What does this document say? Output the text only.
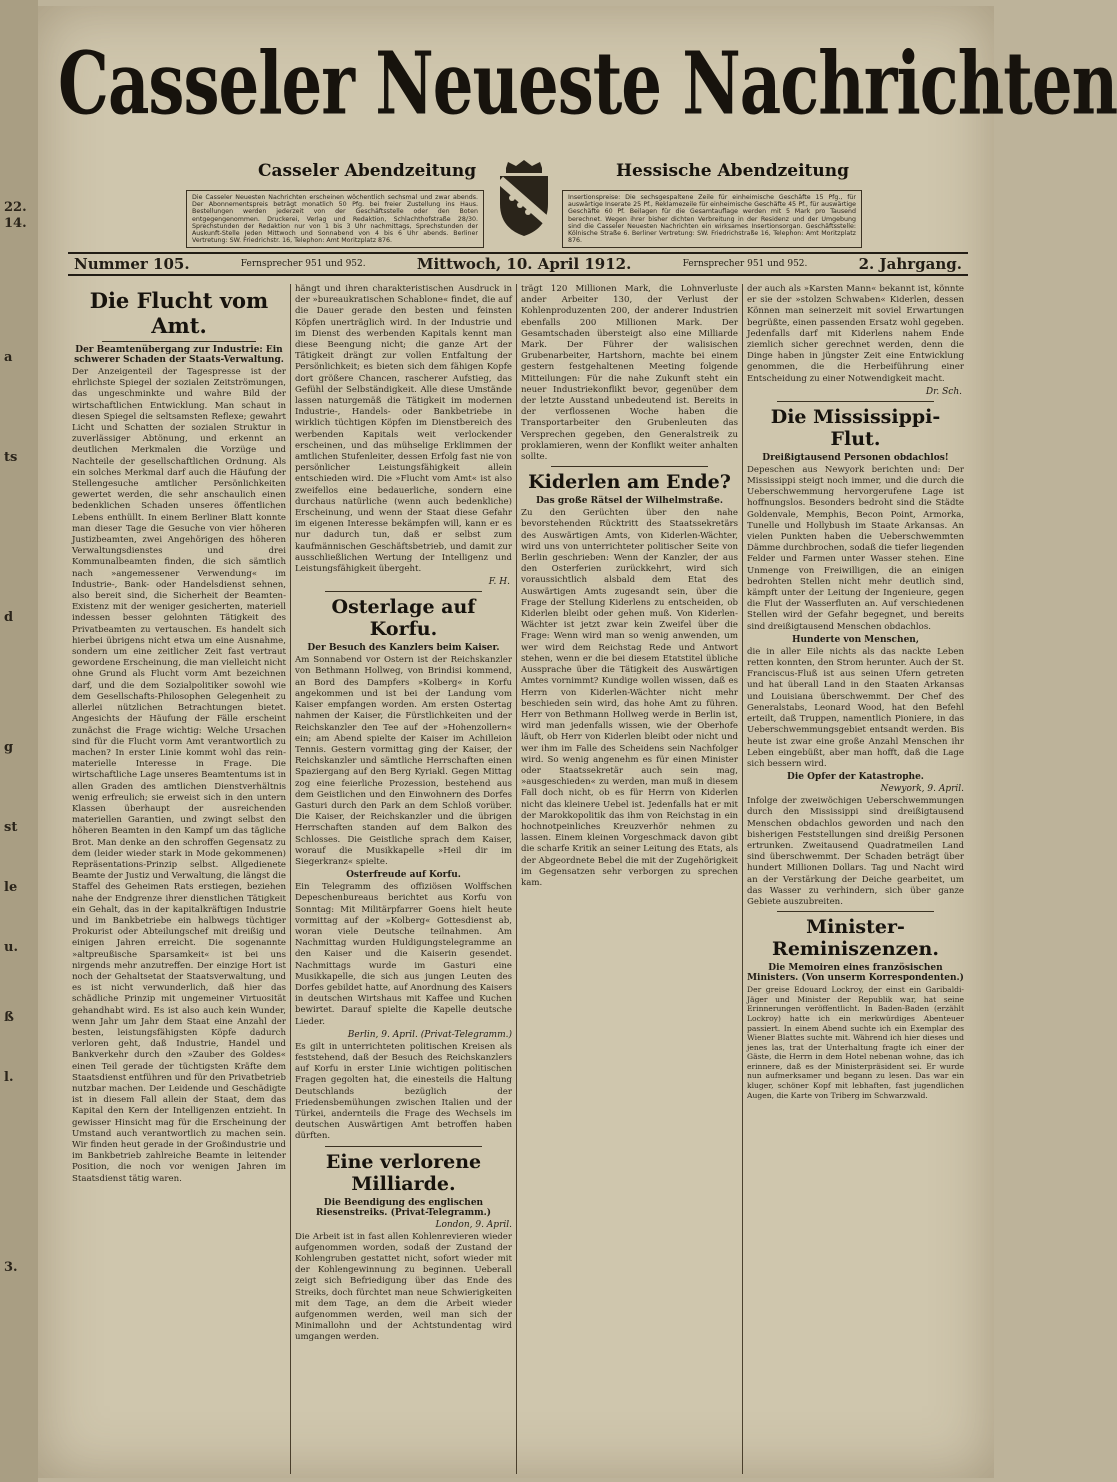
22.
14.
a
ts
d
g
st
le
u.
ß
l.
3.
Casseler Neueste Nachrichten
Casseler Abendzeitung	Hessische Abendzeitung
Die Casseler Neuesten Nachrichten erscheinen wöchentlich sechsmal und zwar abends. Der Abonnementspreis beträgt monatlich 50 Pfg. bei freier Zustellung ins Haus. Bestellungen werden jederzeit von der Geschäftsstelle oder den Boten entgegengenommen. Druckerei, Verlag und Redaktion, Schlachthofstraße 28/30. Sprechstunden der Redaktion nur von 1 bis 3 Uhr nachmittags, Sprechstunden der Auskunft-Stelle Jeden Mittwoch und Sonnabend von 4 bis 6 Uhr abends. Berliner Vertretung: SW. Friedrichstr. 16, Telephon: Amt Moritzplatz 876.
Insertionspreise: Die sechsgespaltene Zeile für einheimische Geschäfte 15 Pfg., für auswärtige Inserate 25 Pf., Reklamezeile für einheimische Geschäfte 45 Pf., für auswärtige Geschäfte 60 Pf. Beilagen für die Gesamtauflage werden mit 5 Mark pro Tausend berechnet. Wegen ihrer bisher dichten Verbreitung in der Residenz und der Umgebung sind die Casseler Neuesten Nachrichten ein wirksames Insertionsorgan. Geschäftsstelle: Kölnische Straße 6. Berliner Vertretung: SW. Friedrichstraße 16, Telephon: Amt Moritzplatz 876.
Nummer 105.	Fernsprecher 951 und 952.	Mittwoch, 10. April 1912.	Fernsprecher 951 und 952.	2. Jahrgang.
Die Flucht vom Amt.
Der Beamtenübergang zur Industrie: Ein schwerer Schaden der Staats-Verwaltung.
Der Anzeigenteil der Tagespresse ist der ehrlichste Spiegel der sozialen Zeitströmungen, das ungeschminkte und wahre Bild der wirtschaftlichen Entwicklung. Man schaut in diesen Spiegel die seltsamsten Reflexe; gewahrt Licht und Schatten der sozialen Struktur in zuverlässiger Abtönung, und erkennt an deutlichen Merkmalen die Vorzüge und Nachteile der gesellschaftlichen Ordnung. Als ein solches Merkmal darf auch die Häufung der Stellengesuche amtlicher Persönlichkeiten gewertet werden, die sehr anschaulich einen bedenklichen Schaden unseres öffentlichen Lebens enthüllt. In einem Berliner Blatt konnte man dieser Tage die Gesuche von vier höheren Justizbeamten, zwei Angehörigen des höheren Verwaltungsdienstes und drei Kommunalbeamten finden, die sich sämtlich nach »angemessener Verwendung« im Industrie-, Bank- oder Handelsdienst sehnen, also bereit sind, die Sicherheit der Beamten-Existenz mit der weniger gesicherten, materiell indessen besser gelohnten Tätigkeit des Privatbeamten zu vertauschen. Es handelt sich hierbei übrigens nicht etwa um eine Ausnahme, sondern um eine zeitlicher Zeit fast vertraut gewordene Erscheinung, die man vielleicht nicht ohne Grund als Flucht vorm Amt bezeichnen darf, und die dem Sozialpolitiker sowohl wie dem Gesellschafts-Philosophen Gelegenheit zu allerlei nützlichen Betrachtungen bietet. Angesichts der Häufung der Fälle erscheint zunächst die Frage wichtig: Welche Ursachen sind für die Flucht vorm Amt verantwortlich zu machen? In erster Linie kommt wohl das rein-materielle Interesse in Frage. Die wirtschaftliche Lage unseres Beamtentums ist in allen Graden des amtlichen Dienstverhältnis wenig erfreulich; sie erweist sich in den untern Klassen überhaupt der ausreichenden materiellen Garantien, und zwingt selbst den höheren Beamten in den Kampf um das tägliche Brot. Man denke an den schroffen Gegensatz zu dem (leider wieder stark in Mode gekommenen) Repräsentations-Prinzip selbst. Allgedienete Beamte der Justiz und Verwaltung, die längst die Staffel des Geheimen Rats erstiegen, beziehen nahe der Endgrenze ihrer dienstlichen Tätigkeit ein Gehalt, das in der kapitalkräftigen Industrie und im Bankbetriebe ein halbwegs tüchtiger Prokurist oder Abteilungschef mit dreißig und einigen Jahren erreicht. Die sogenannte »altpreußische Sparsamkeit« ist bei uns nirgends mehr anzutreffen. Der einzige Hort ist noch der Gehaltsetat der Staatsverwaltung, und es ist nicht verwunderlich, daß hier das schädliche Prinzip mit ungemeiner Virtuosität gehandhabt wird. Es ist also auch kein Wunder, wenn Jahr um Jahr dem Staat eine Anzahl der besten, leistungsfähigsten Köpfe dadurch verloren geht, daß Industrie, Handel und Bankverkehr durch den »Zauber des Goldes« einen Teil gerade der tüchtigsten Kräfte dem Staatsdienst entführen und für den Privatbetrieb nutzbar machen. Der Leidende und Geschädigte ist in diesem Fall allein der Staat, dem das Kapital den Kern der Intelligenzen entzieht. In gewisser Hinsicht mag für die Erscheinung der Umstand auch verantwortlich zu machen sein. Wir finden heut gerade in der Großindustrie und im Bankbetrieb zahlreiche Beamte in leitender Position, die noch vor wenigen Jahren im Staatsdienst tätig waren.
hängt und ihren charakteristischen Ausdruck in der »bureaukratischen Schablone« findet, die auf die Dauer gerade den besten und feinsten Köpfen unerträglich wird. In der Industrie und im Dienst des werbenden Kapitals kennt man diese Beengung nicht; die ganze Art der Tätigkeit drängt zur vollen Entfaltung der Persönlichkeit; es bieten sich dem fähigen Kopfe dort größere Chancen, rascherer Aufstieg, das Gefühl der Selbständigkeit. Alle diese Umstände lassen naturgemäß die Tätigkeit im modernen Industrie-, Handels- oder Bankbetriebe in wirklich tüchtigen Köpfen im Dienstbereich des werbenden Kapitals weit verlockender erscheinen, und das mühselige Erklimmen der amtlichen Stufenleiter, dessen Erfolg fast nie von persönlicher Leistungsfähigkeit allein entschieden wird. Die »Flucht vom Amt« ist also zweifellos eine bedauerliche, sondern eine durchaus natürliche (wenn auch bedenkliche) Erscheinung, und wenn der Staat diese Gefahr im eigenen Interesse bekämpfen will, kann er es nur dadurch tun, daß er selbst zum kaufmännischen Geschäftsbetrieb, und damit zur ausschließlichen Wertung der Intelligenz und Leistungsfähigkeit übergeht.
F. H.
Osterlage auf Korfu.
Der Besuch des Kanzlers beim Kaiser.
Am Sonnabend vor Ostern ist der Reichskanzler von Bethmann Hollweg, von Brindisi kommend, an Bord des Dampfers »Kolberg« in Korfu angekommen und ist bei der Landung vom Kaiser empfangen worden. Am ersten Ostertag nahmen der Kaiser, die Fürstlichkeiten und der Reichskanzler den Tee auf der »Hohenzollern« ein; am Abend spielte der Kaiser im Achilleion Tennis. Gestern vormittag ging der Kaiser, der Reichskanzler und sämtliche Herrschaften einen Spaziergang auf den Berg Kyriakl. Gegen Mittag zog eine feierliche Prozession, bestehend aus dem Geistlichen und den Einwohnern des Dorfes Gasturi durch den Park an dem Schloß vorüber. Die Kaiser, der Reichskanzler und die übrigen Herrschaften standen auf dem Balkon des Schlosses. Die Geistliche sprach dem Kaiser, worauf die Musikkapelle »Heil dir im Siegerkranz« spielte.
Osterfreude auf Korfu.
Ein Telegramm des offiziösen Wolffschen Depeschenbureaus berichtet aus Korfu von Sonntag: Mit Militärpfarrer Goens hielt heute vormittag auf der »Kolberg« Gottesdienst ab, woran viele Deutsche teilnahmen. Am Nachmittag wurden Huldigungstelegramme an den Kaiser und die Kaiserin gesendet. Nachmittags wurde im Gasturi eine Musikkapelle, die sich aus jungen Leuten des Dorfes gebildet hatte, auf Anordnung des Kaisers in deutschen Wirtshaus mit Kaffee und Kuchen bewirtet. Darauf spielte die Kapelle deutsche Lieder.
Berlin, 9. April. (Privat-Telegramm.)
Es gilt in unterrichteten politischen Kreisen als feststehend, daß der Besuch des Reichskanzlers auf Korfu in erster Linie wichtigen politischen Fragen gegolten hat, die einesteils die Haltung Deutschlands bezüglich der Friedensbemühungen zwischen Italien und der Türkei, andernteils die Frage des Wechsels im deutschen Auswärtigen Amt betroffen haben dürften.
Eine verlorene Milliarde.
Die Beendigung des englischen Riesenstreiks. (Privat-Telegramm.)
London, 9. April.
Die Arbeit ist in fast allen Kohlenrevieren wieder aufgenommen worden, sodaß der Zustand der Kohlengruben gestattet nicht, sofort wieder mit der Kohlengewinnung zu beginnen. Ueberall zeigt sich Befriedigung über das Ende des Streiks, doch fürchtet man neue Schwierigkeiten mit dem Tage, an dem die Arbeit wieder aufgenommen werden, weil man sich der Minimallohn und der Achtstundentag wird umgangen werden.
trägt 120 Millionen Mark, die Lohnverluste ander Arbeiter 130, der Verlust der Kohlenproduzenten 200, der anderer Industrien ebenfalls 200 Millionen Mark. Der Gesamtschaden übersteigt also eine Milliarde Mark. Der Führer der walisischen Grubenarbeiter, Hartshorn, machte bei einem gestern festgehaltenen Meeting folgende Mitteilungen: Für die nahe Zukunft steht ein neuer Industriekonflikt bevor, gegenüber dem der letzte Ausstand unbedeutend ist. Bereits in der verflossenen Woche haben die Transportarbeiter den Grubenleuten das Versprechen gegeben, den Generalstreik zu proklamieren, wenn der Konflikt weiter anhalten sollte.
Kiderlen am Ende?
Das große Rätsel der Wilhelmstraße.
Zu den Gerüchten über den nahe bevorstehenden Rücktritt des Staatssekretärs des Auswärtigen Amts, von Kiderlen-Wächter, wird uns von unterrichteter politischer Seite von Berlin geschrieben: Wenn der Kanzler, der aus den Osterferien zurückkehrt, wird sich voraussichtlich alsbald dem Etat des Auswärtigen Amts zugesandt sein, über die Frage der Stellung Kiderlens zu entscheiden, ob Kiderlen bleibt oder gehen muß. Von Kiderlen-Wächter ist jetzt zwar kein Zweifel über die Frage: Wenn wird man so wenig anwenden, um wer wird dem Reichstag Rede und Antwort stehen, wenn er die bei diesem Etatstitel übliche Aussprache über die Tätigkeit des Auswärtigen Amtes vornimmt? Kundige wollen wissen, daß es Herrn von Kiderlen-Wächter nicht mehr beschieden sein wird, das hohe Amt zu führen. Herr von Bethmann Hollweg werde in Berlin ist, wird man jedenfalls wissen, wie der Oberhofe läuft, ob Herr von Kiderlen bleibt oder nicht und wer ihm im Falle des Scheidens sein Nachfolger wird. So wenig angenehm es für einen Minister oder Staatssekretär auch sein mag, »ausgeschieden« zu werden, man muß in diesem Fall doch nicht, ob es für Herrn von Kiderlen nicht das kleinere Uebel ist. Jedenfalls hat er mit der Marokkopolitik das ihm von Reichstag in ein hochnotpeinliches Kreuzverhör nehmen zu lassen. Einem kleinen Vorgeschmack davon gibt die scharfe Kritik an seiner Leitung des Etats, als der Abgeordnete Bebel die mit der Zugehörigkeit im Gegensatzen sehr verborgen zu sprechen kam.
der auch als »Karsten Mann« bekannt ist, könnte er sie der »stolzen Schwaben« Kiderlen, dessen Können man seinerzeit mit soviel Erwartungen begrüßte, einen passenden Ersatz wohl gegeben. Jedenfalls darf mit Kiderlens nahem Ende ziemlich sicher gerechnet werden, denn die Dinge haben in jüngster Zeit eine Entwicklung genommen, die die Herbeiführung einer Entscheidung zu einer Notwendigkeit macht.
Dr. Sch.
Die Mississippi-Flut.
Dreißigtausend Personen obdachlos!
Depeschen aus Newyork berichten und: Der Mississippi steigt noch immer, und die durch die Ueberschwemmung hervorgerufene Lage ist hoffnungslos. Besonders bedroht sind die Städte Goldenvale, Memphis, Becon Point, Armorka, Tunelle und Hollybush im Staate Arkansas. An vielen Punkten haben die Ueberschwemmten Dämme durchbrochen, sodaß die tiefer liegenden Felder und Farmen unter Wasser stehen. Eine Unmenge von Freiwilligen, die an einigen bedrohten Stellen nicht mehr deutlich sind, kämpft unter der Leitung der Ingenieure, gegen die Flut der Wasserfluten an. Auf verschiedenen Stellen wird der Gefahr begegnet, und bereits sind dreißigtausend Menschen obdachlos.
Hunderte von Menschen,
die in aller Eile nichts als das nackte Leben retten konnten, den Strom herunter. Auch der St. Franciscus-Fluß ist aus seinen Ufern getreten und hat überall Land in den Staaten Arkansas und Louisiana überschwemmt. Der Chef des Generalstabs, Leonard Wood, hat den Befehl erteilt, daß Truppen, namentlich Pioniere, in das Ueberschwemmungsgebiet entsandt werden. Bis heute ist zwar eine große Anzahl Menschen ihr Leben eingebüßt, aber man hofft, daß die Lage sich bessern wird.
Die Opfer der Katastrophe.
Newyork, 9. April.
Infolge der zweiwöchigen Ueberschwemmungen durch den Mississippi sind dreißigtausend Menschen obdachlos geworden und nach den bisherigen Feststellungen sind dreißig Personen ertrunken. Zweitausend Quadratmeilen Land sind überschwemmt. Der Schaden beträgt über hundert Millionen Dollars. Tag und Nacht wird an der Verstärkung der Deiche gearbeitet, um das Wasser zu verhindern, sich über ganze Gebiete auszubreiten.
Minister-Reminiszenzen.
Die Memoiren eines französischen Ministers. (Von unserm Korrespondenten.)
Der greise Edouard Lockroy, der einst ein Garibaldi-Jäger und Minister der Republik war, hat seine Erinnerungen veröffentlicht. In Baden-Baden (erzählt Lockroy) hatte ich ein merkwürdiges Abenteuer passiert. In einem Abend suchte ich ein Exemplar des Wiener Blattes suchte mit. Während ich hier dieses und jenes las, trat der Unterhaltung fragte ich einer der Gäste, die Herrn in dem Hotel nebenan wohne, das ich erinnere, daß es der Ministerpräsident sei. Er wurde nun aufmerksamer und begann zu lesen. Das war ein kluger, schöner Kopf mit lebhaften, fast jugendlichen Augen, die Karte von Triberg im Schwarzwald.
